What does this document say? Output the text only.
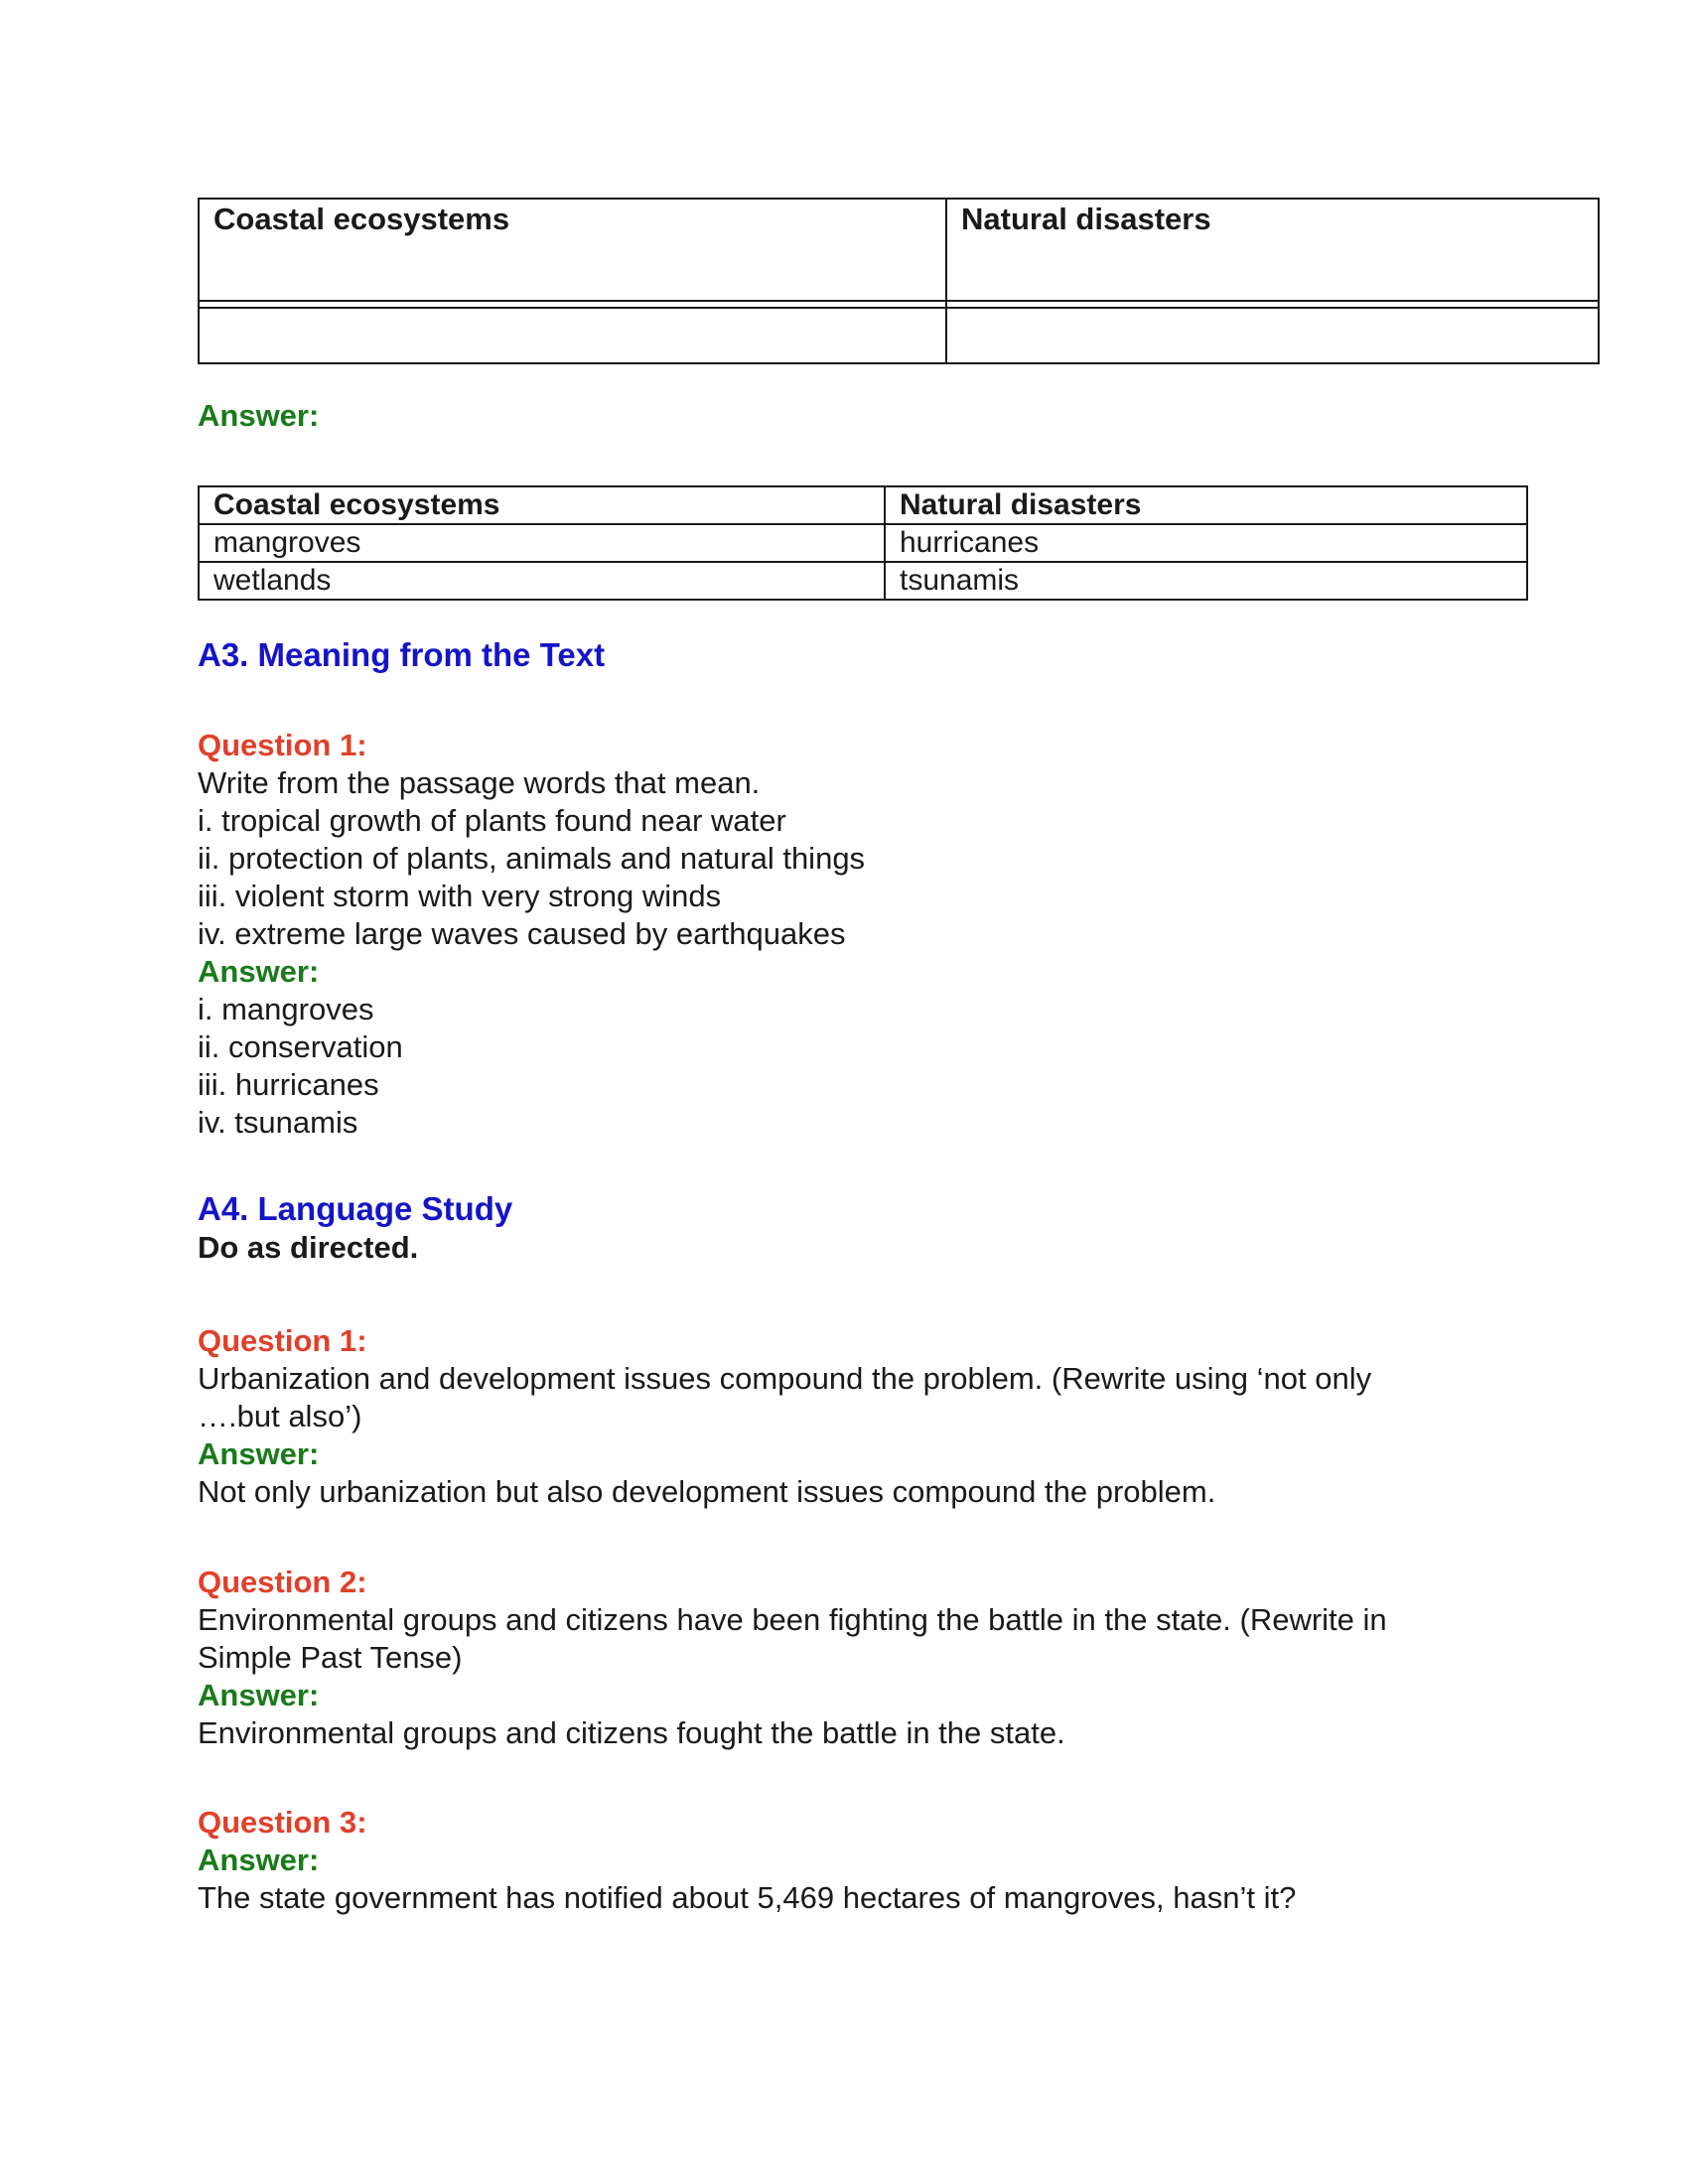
Coastal ecosystems	Natural disasters
Answer:
Coastal ecosystems	Natural disasters
mangroves	hurricanes
wetlands	tsunamis
A3. Meaning from the Text
Question 1:
Write from the passage words that mean.
i. tropical growth of plants found near water
ii. protection of plants, animals and natural things
iii. violent storm with very strong winds
iv. extreme large waves caused by earthquakes
Answer:
i. mangroves
ii. conservation
iii. hurricanes
iv. tsunamis
A4. Language Study
Do as directed.
Question 1:
Urbanization and development issues compound the problem. (Rewrite using ‘not only
….but also’)
Answer:
Not only urbanization but also development issues compound the problem.
Question 2:
Environmental groups and citizens have been fighting the battle in the state. (Rewrite in
Simple Past Tense)
Answer:
Environmental groups and citizens fought the battle in the state.
Question 3:
Answer:
The state government has notified about 5,469 hectares of mangroves, hasn’t it?
